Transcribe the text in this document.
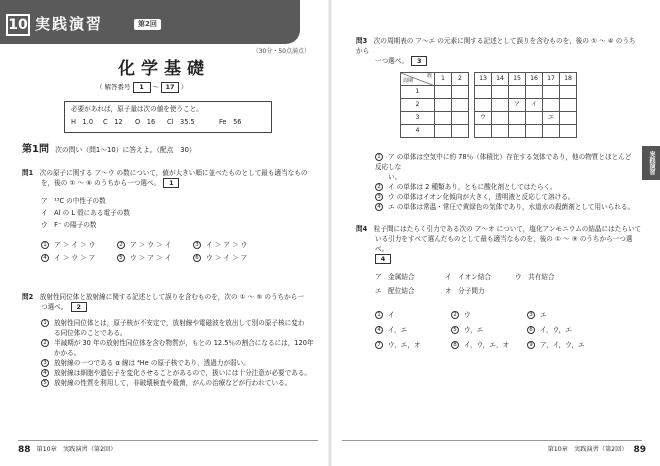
10 実践演習	第2回
（30分・50点満点）
化学基礎
（ 解答番号	1	～ 17 ）
必要があれば，原子量は次の値を使うこと。
H　1.0	C　12	O　16	Cl　35.5	Fe　56
第1問 次の問い（問1～10）に答えよ。（配点　30）
問1　 次の原子に関する ア～ウ の数について，値が大きい順に並べたものとして最も適当なもの
を，後の ① ～ ⑥ のうちから一つ選べ。　 1
ア　¹³C の中性子の数
イ　Al の L 殻にある電子の数
ウ　F⁻ の陽子の数
1 ア ＞ イ ＞ ウ	2 ア ＞ ウ ＞ イ	3 イ ＞ ア ＞ ウ
4 イ ＞ ウ ＞ ア	5 ウ ＞ ア ＞ イ	6 ウ ＞ イ ＞ ア
問2　 放射性同位体と放射線に関する記述として誤りを含むものを，次の ① ～ ⑤ のうちから一
つ選べ。　 2
1 放射性同位体とは，原子核が不安定で，放射線や電磁波を放出して別の原子核に変わ
る同位体のことである。
2 半減期が 30 年の放射性同位体を含む物質が，もとの 12.5％の割合になるには，120年
かかる。
3 放射線の一つである α 線は ⁴He の原子核であり，透過力が弱い。
4 放射線は細胞や遺伝子を変化させることがあるので，扱いには十分注意が必要である。
5 放射線の性質を利用して，非破壊検査や殺菌，がんの治療などが行われている。
88 第10章　実践演習（第2回）
実践演習
問3　 次の周期表の ア～エ の元素に関する記述として誤りを含むものを，後の ① ～ ④ のうちから
一つ選べ。　 3
族
周期	1	2		13	14	15	16	17	18
1									
2						ア	イ		
3				ウ				エ	
4									
1 ア の単体は空気中に約 78％（体積比）存在する気体であり，他の物質とほとんど反応しな
い。
2 イ の単体は 2 種類あり，ともに酸化剤としてはたらく。
3 ウ の単体はイオン化傾向が大きく，透明液と反応して溶ける。
4 エ の単体は常温・常圧で黄緑色の気体であり，水道水の殺菌剤として用いられる。
問4　 粒子間にはたらく引力である次の ア～オ について，塩化アンモニウムの結晶にはたらいて
いる引力をすべて選んだものとして最も適当なものを，後の ① ～ ⑨ のうちから一つ選べ。
4
ア　金属結合	イ　イオン結合	ウ　共有結合
エ　配位結合	オ　分子間力
1 イ	2 ウ	3 エ
4 イ，エ	5 ウ，エ	6 イ，ウ，エ
7 ウ，エ，オ	8 イ，ウ，エ，オ	9 ア，イ，ウ，エ
第10章　実践演習（第2回） 89
